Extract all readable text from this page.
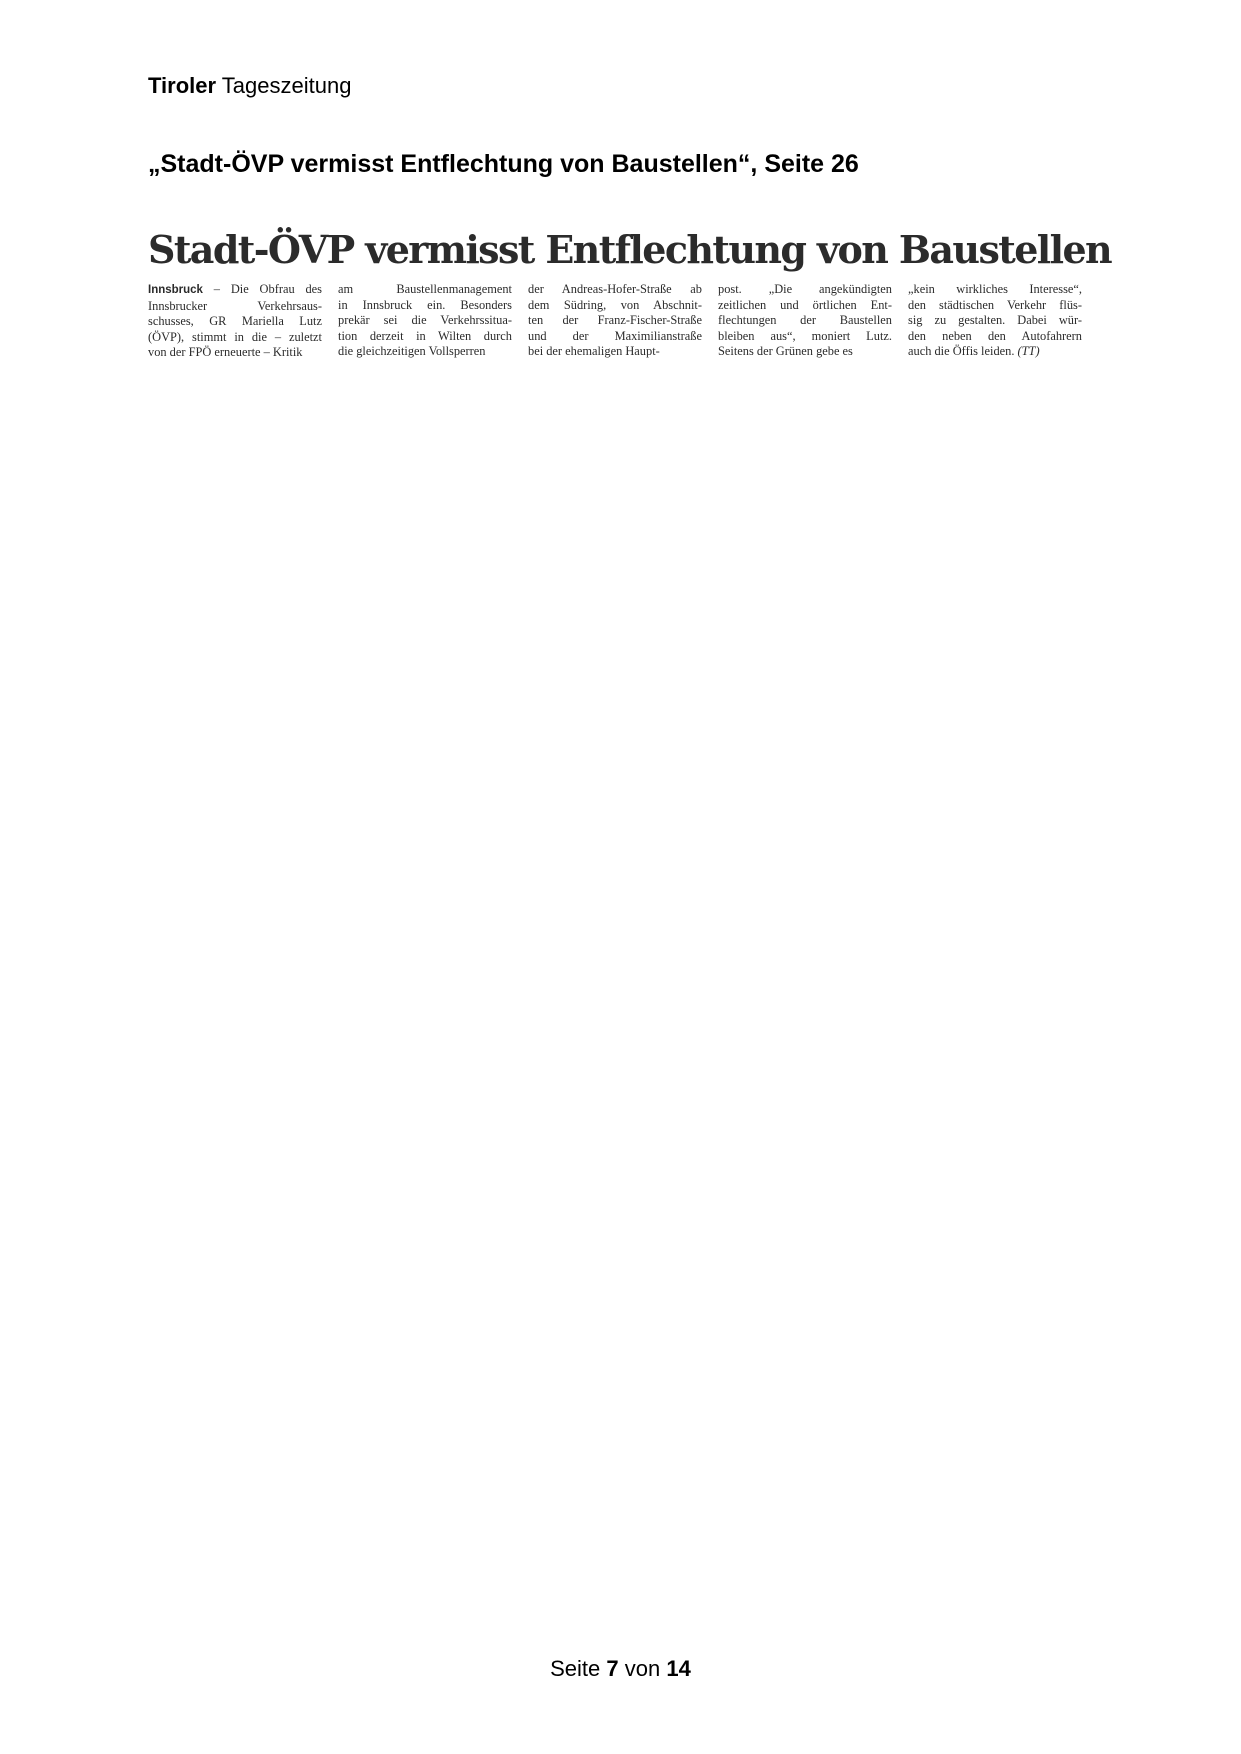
Tiroler Tageszeitung
„Stadt-ÖVP vermisst Entflechtung von Baustellen“, Seite 26
Stadt-ÖVP vermisst Entflechtung von Baustellen
Innsbruck – Die Obfrau des
Innsbrucker Verkehrsaus-
schusses, GR Mariella Lutz
(ÖVP), stimmt in die – zuletzt
von der FPÖ erneuerte – Kritik
am Baustellenmanagement
in Innsbruck ein. Besonders
prekär sei die Verkehrssitua-
tion derzeit in Wilten durch
die gleichzeitigen Vollsperren
der Andreas-Hofer-Straße ab
dem Südring, von Abschnit-
ten der Franz-Fischer-Straße
und der Maximilianstraße
bei der ehemaligen Haupt-
post. „Die angekündigten
zeitlichen und örtlichen Ent-
flechtungen der Baustellen
bleiben aus“, moniert Lutz.
Seitens der Grünen gebe es
„kein wirkliches Interesse“,
den städtischen Verkehr flüs-
sig zu gestalten. Dabei wür-
den neben den Autofahrern
auch die Öffis leiden. (TT)
Seite 7 von 14
